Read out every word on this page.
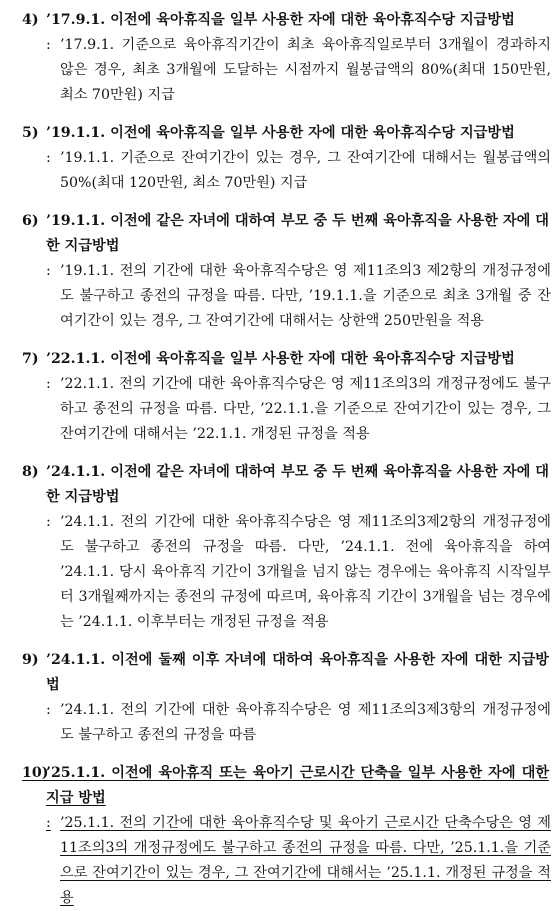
4) ’17.9.1. 이전에 육아휴직을 일부 사용한 자에 대한 육아휴직수당 지급방법
: ’17.9.1. 기준으로 육아휴직기간이 최초 육아휴직일로부터 3개월이 경과하지 않은 경우, 최초 3개월에 도달하는 시점까지 월봉급액의 80%(최대 150만원, 최소 70만원) 지급
5) ’19.1.1. 이전에 육아휴직을 일부 사용한 자에 대한 육아휴직수당 지급방법
: ’19.1.1. 기준으로 잔여기간이 있는 경우, 그 잔여기간에 대해서는 월봉급액의 50%(최대 120만원, 최소 70만원) 지급
6) ’19.1.1. 이전에 같은 자녀에 대하여 부모 중 두 번째 육아휴직을 사용한 자에 대한 지급방법
: ’19.1.1. 전의 기간에 대한 육아휴직수당은 영 제11조의3 제2항의 개정규정에도 불구하고 종전의 규정을 따름. 다만, ’19.1.1.을 기준으로 최초 3개월 중 잔여기간이 있는 경우, 그 잔여기간에 대해서는 상한액 250만원을 적용
7) ’22.1.1. 이전에 육아휴직을 일부 사용한 자에 대한 육아휴직수당 지급방법
: ’22.1.1. 전의 기간에 대한 육아휴직수당은 영 제11조의3의 개정규정에도 불구하고 종전의 규정을 따름. 다만, ’22.1.1.을 기준으로 잔여기간이 있는 경우, 그 잔여기간에 대해서는 ’22.1.1. 개정된 규정을 적용
8) ’24.1.1. 이전에 같은 자녀에 대하여 부모 중 두 번째 육아휴직을 사용한 자에 대한 지급방법
: ’24.1.1. 전의 기간에 대한 육아휴직수당은 영 제11조의3제2항의 개정규정에도 불구하고 종전의 규정을 따름. 다만, ’24.1.1. 전에 육아휴직을 하여 ’24.1.1. 당시 육아휴직 기간이 3개월을 넘지 않는 경우에는 육아휴직 시작일부터 3개월째까지는 종전의 규정에 따르며, 육아휴직 기간이 3개월을 넘는 경우에는 ’24.1.1. 이후부터는 개정된 규정을 적용
9) ’24.1.1. 이전에 둘째 이후 자녀에 대하여 육아휴직을 사용한 자에 대한 지급방법
: ’24.1.1. 전의 기간에 대한 육아휴직수당은 영 제11조의3제3항의 개정규정에도 불구하고 종전의 규정을 따름
10)
’25.1.1. 이전에 육아휴직 또는 육아기 근로시간 단축을 일부 사용한 자에 대한 지급 방법
: ’25.1.1. 전의 기간에 대한 육아휴직수당 및 육아기 근로시간 단축수당은 영 제11조의3의 개정규정에도 불구하고 종전의 규정을 따름. 다만, ’25.1.1.을 기준으로 잔여기간이 있는 경우, 그 잔여기간에 대해서는 ’25.1.1. 개정된 규정을 적용
